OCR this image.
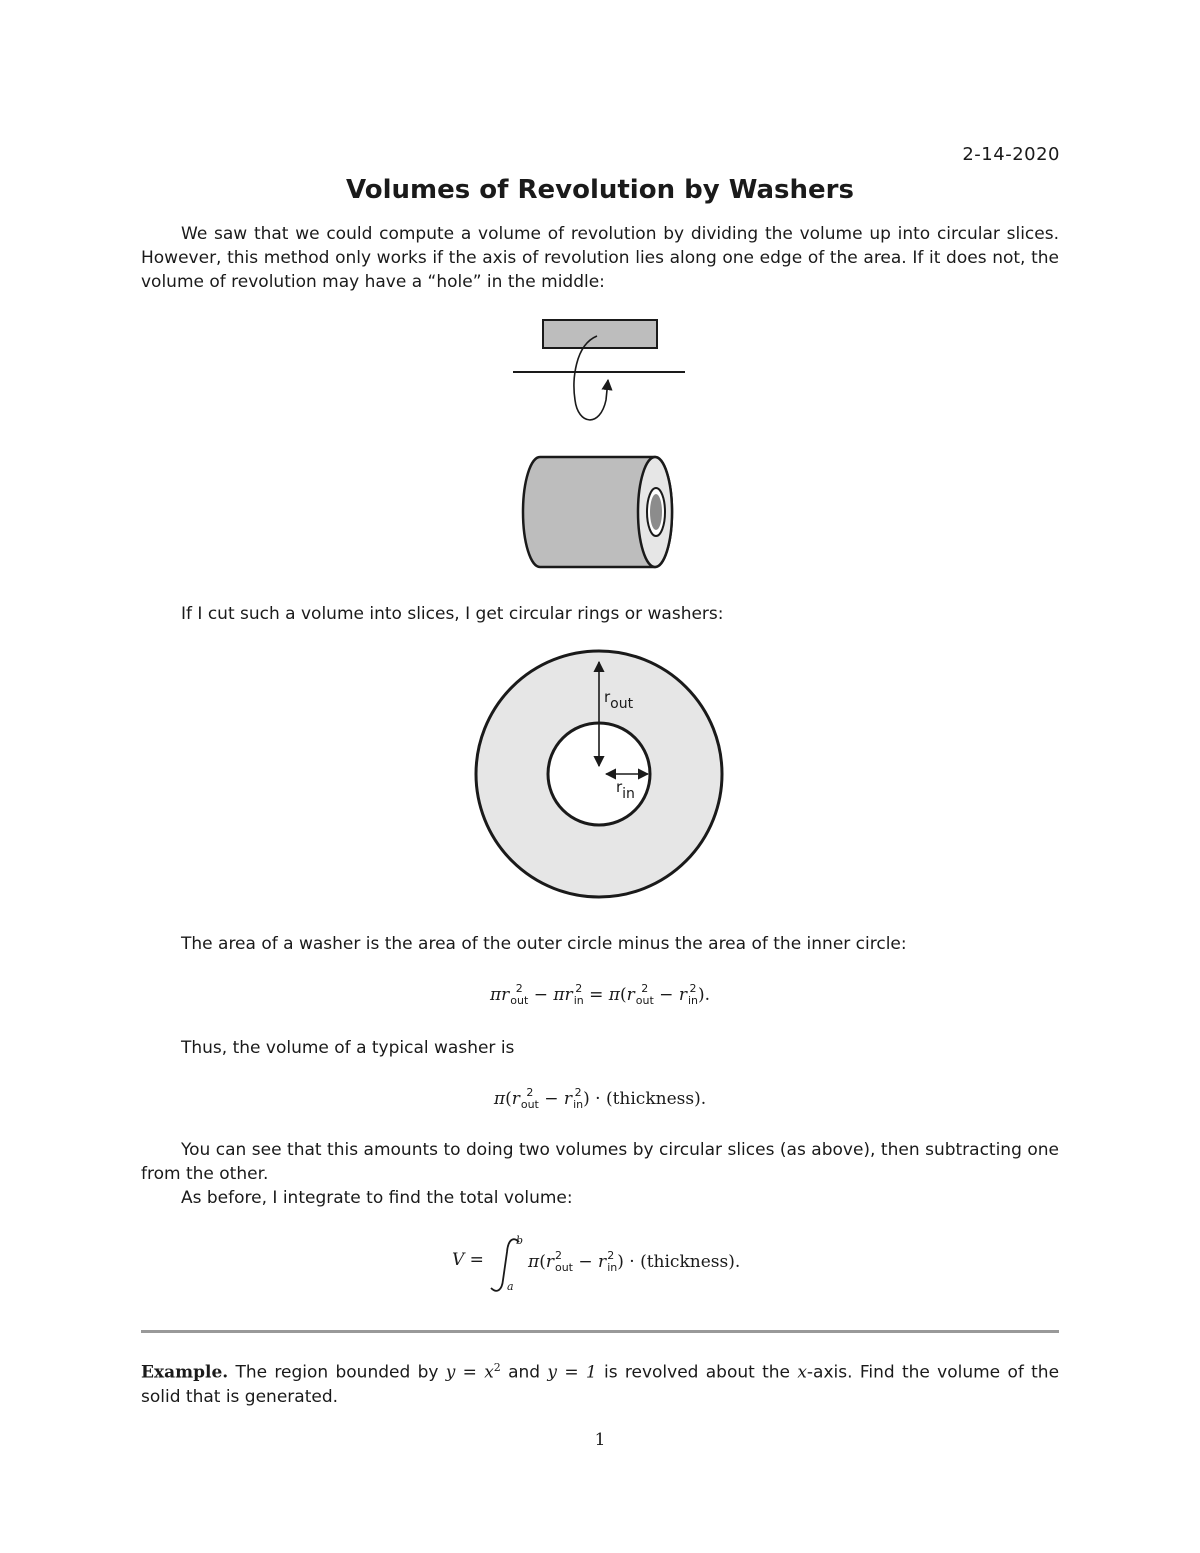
2-14-2020
Volumes of Revolution by Washers
We saw that we could compute a volume of revolution by dividing the volume up into circular slices. However, this method only works if the axis of revolution lies along one edge of the area. If it does not, the volume of revolution may have a “hole” in the middle:
rout
rin
If I cut such a volume into slices, I get circular rings or washers:
The area of a washer is the area of the outer circle minus the area of the inner circle:
πr 2
out − πr 2
in = π(r 2
out − r 2
in ).
Thus, the volume of a typical washer is
π(r 2
out − r 2
in ) · (thickness).
You can see that this amounts to doing two volumes by circular slices (as above), then subtracting one from the other.
As before, I integrate to find the total volume:
V =
b
a
π(r 2
out − r 2
in ) · (thickness).
Example. The region bounded by $y = x^2$ and y = 1 is revolved about the x-axis. Find the volume of the solid that is generated.
1
